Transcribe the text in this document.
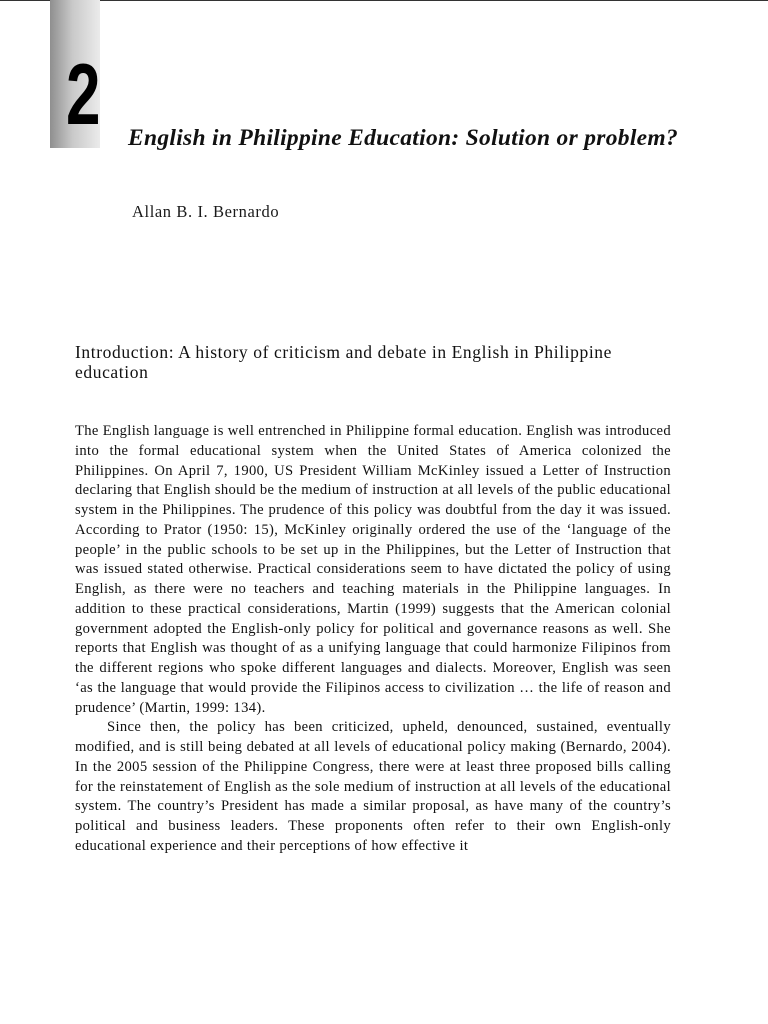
2 English in Philippine Education: Solution or problem?

Allan B. I. Bernardo

Introduction: A history of criticism and debate in English in Philippine education

The English language is well entrenched in Philippine formal education. English was introduced into the formal educational system when the United States of America colonized the Philippines. On April 7, 1900, US President William McKinley issued a Letter of Instruction declaring that English should be the medium of instruction at all levels of the public educational system in the Philippines. The prudence of this policy was doubtful from the day it was issued. According to Prator (1950: 15), McKinley originally ordered the use of the ‘language of the people’ in the public schools to be set up in the Philippines, but the Letter of Instruction that was issued stated otherwise. Practical considerations seem to have dictated the policy of using English, as there were no teachers and teaching materials in the Philippine languages. In addition to these practical considerations, Martin (1999) suggests that the American colonial government adopted the English-only policy for political and governance reasons as well. She reports that English was thought of as a unifying language that could harmonize Filipinos from the different regions who spoke different languages and dialects. Moreover, English was seen ‘as the language that would provide the Filipinos access to civilization … the life of reason and prudence’ (Martin, 1999: 134).

Since then, the policy has been criticized, upheld, denounced, sustained, eventually modified, and is still being debated at all levels of educational policy making (Bernardo, 2004). In the 2005 session of the Philippine Congress, there were at least three proposed bills calling for the reinstatement of English as the sole medium of instruction at all levels of the educational system. The country’s President has made a similar proposal, as have many of the country’s political and business leaders. These proponents often refer to their own English-only educational experience and their perceptions of how effective it
